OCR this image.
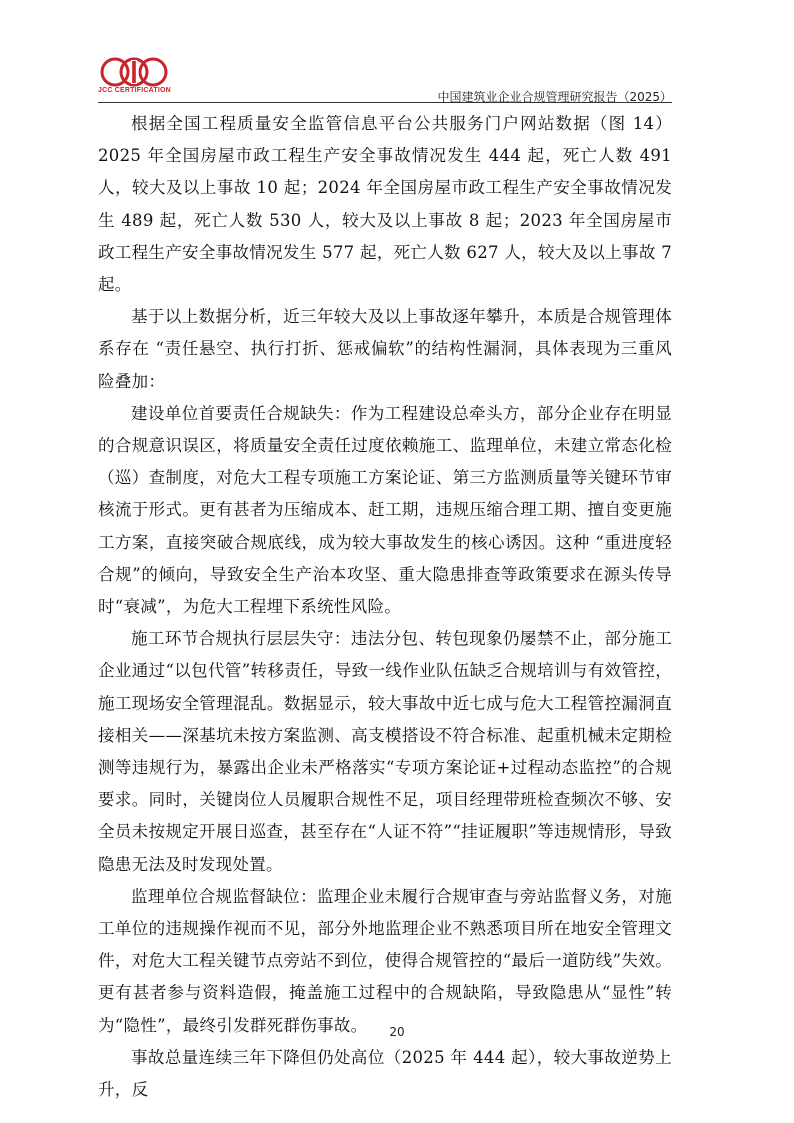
JCC CERTIFICATION	中国建筑业企业合规管理研究报告（2025）

根据全国工程质量安全监管信息平台公共服务门户网站数据（图 14）2025 年全国房屋市政工程生产安全事故情况发生 444 起，死亡人数 491 人，较大及以上事故 10 起；2024 年全国房屋市政工程生产安全事故情况发生 489 起，死亡人数 530 人，较大及以上事故 8 起；2023 年全国房屋市政工程生产安全事故情况发生 577 起，死亡人数 627 人，较大及以上事故 7 起。

基于以上数据分析，近三年较大及以上事故逐年攀升，本质是合规管理体系存在 “责任悬空、执行打折、惩戒偏软”的结构性漏洞，具体表现为三重风险叠加：

建设单位首要责任合规缺失：作为工程建设总牵头方，部分企业存在明显的合规意识误区，将质量安全责任过度依赖施工、监理单位，未建立常态化检（巡）查制度，对危大工程专项施工方案论证、第三方监测质量等关键环节审核流于形式。更有甚者为压缩成本、赶工期，违规压缩合理工期、擅自变更施工方案，直接突破合规底线，成为较大事故发生的核心诱因。这种 “重进度轻合规”的倾向，导致安全生产治本攻坚、重大隐患排查等政策要求在源头传导时“衰减”，为危大工程埋下系统性风险。

施工环节合规执行层层失守：违法分包、转包现象仍屡禁不止，部分施工企业通过“以包代管”转移责任，导致一线作业队伍缺乏合规培训与有效管控，施工现场安全管理混乱。数据显示，较大事故中近七成与危大工程管控漏洞直接相关——深基坑未按方案监测、高支模搭设不符合标准、起重机械未定期检测等违规行为，暴露出企业未严格落实“专项方案论证+过程动态监控”的合规要求。同时，关键岗位人员履职合规性不足，项目经理带班检查频次不够、安全员未按规定开展日巡查，甚至存在“人证不符”“挂证履职”等违规情形，导致隐患无法及时发现处置。

监理单位合规监督缺位：监理企业未履行合规审查与旁站监督义务，对施工单位的违规操作视而不见，部分外地监理企业不熟悉项目所在地安全管理文件，对危大工程关键节点旁站不到位，使得合规管控的“最后一道防线”失效。更有甚者参与资料造假，掩盖施工过程中的合规缺陷，导致隐患从“显性”转为“隐性”，最终引发群死群伤事故。

事故总量连续三年下降但仍处高位（2025 年 444 起），较大事故逆势上升，反

20
